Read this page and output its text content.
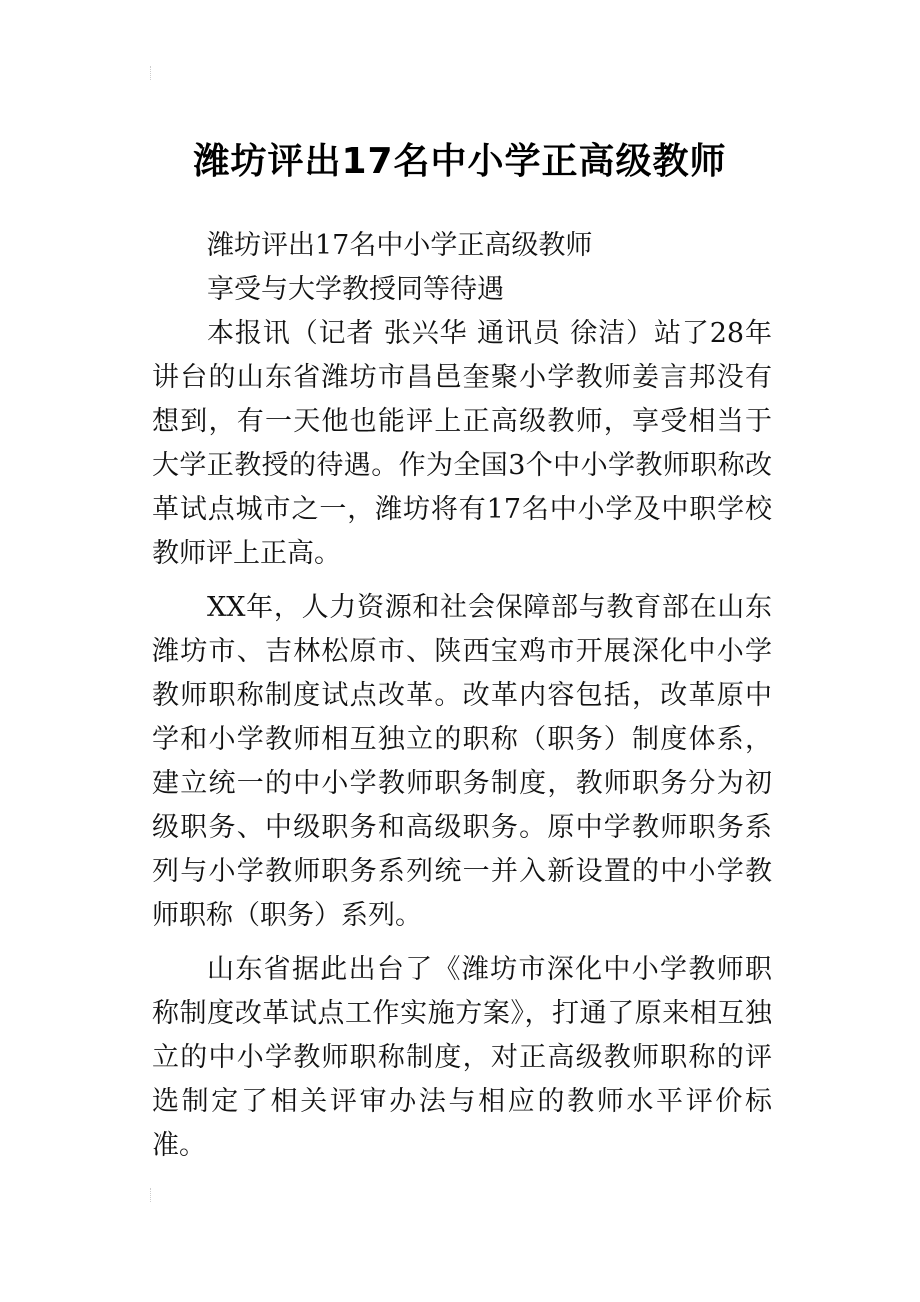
潍坊评出17名中小学正高级教师

潍坊评出17名中小学正高级教师

享受与大学教授同等待遇

本报讯（记者 张兴华 通讯员 徐洁）站了28年讲台的山东省潍坊市昌邑奎聚小学教师姜言邦没有想到，有一天他也能评上正高级教师，享受相当于大学正教授的待遇。作为全国3个中小学教师职称改革试点城市之一，潍坊将有17名中小学及中职学校教师评上正高。

XX年，人力资源和社会保障部与教育部在山东潍坊市、吉林松原市、陕西宝鸡市开展深化中小学教师职称制度试点改革。改革内容包括，改革原中学和小学教师相互独立的职称（职务）制度体系，建立统一的中小学教师职务制度，教师职务分为初级职务、中级职务和高级职务。原中学教师职务系列与小学教师职务系列统一并入新设置的中小学教师职称（职务）系列。

山东省据此出台了《潍坊市深化中小学教师职称制度改革试点工作实施方案》，打通了原来相互独立的中小学教师职称制度，对正高级教师职称的评选制定了相关评审办法与相应的教师水平评价标准。
